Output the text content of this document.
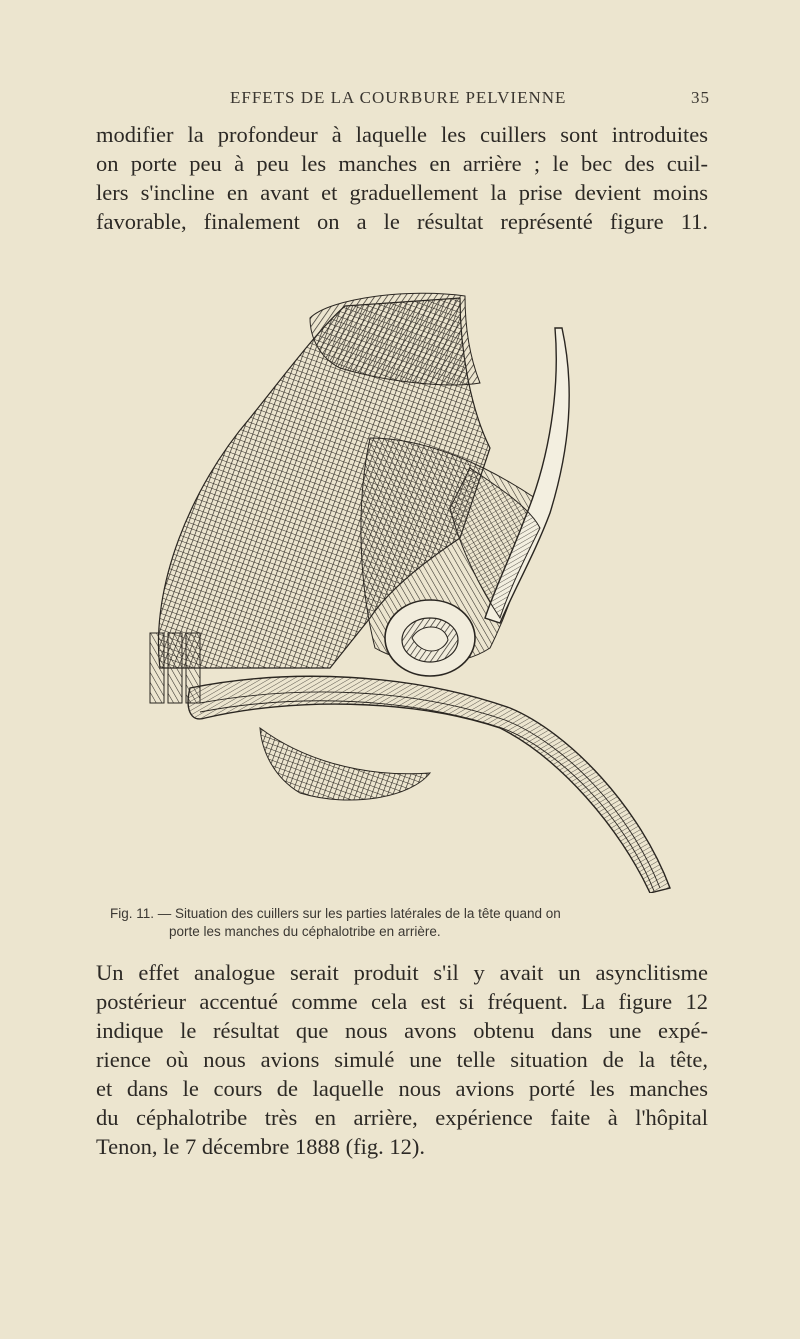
EFFETS DE LA COURBURE PELVIENNE	35
modifier la profondeur à laquelle les cuillers sont introduites
on porte peu à peu les manches en arrière ; le bec des cuil-
lers s'incline en avant et graduellement la prise devient moins
favorable, finalement on a le résultat représenté figure 11.
Fig. 11. — Situation des cuillers sur les parties latérales de la tête quand on
porte les manches du céphalotribe en arrière.
Un effet analogue serait produit s'il y avait un asynclitisme
postérieur accentué comme cela est si fréquent. La figure 12
indique le résultat que nous avons obtenu dans une expé-
rience où nous avions simulé une telle situation de la tête,
et dans le cours de laquelle nous avions porté les manches
du céphalotribe très en arrière, expérience faite à l'hôpital
Tenon, le 7 décembre 1888 (fig. 12).
